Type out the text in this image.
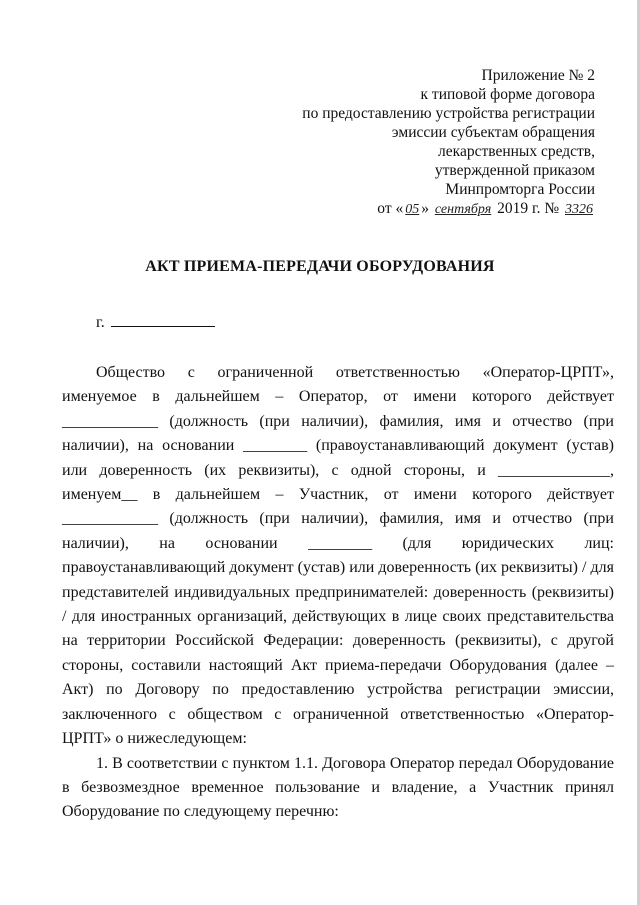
Приложение № 2
к типовой форме договора
по предоставлению устройства регистрации
эмиссии субъектам обращения
лекарственных средств,
утвержденной приказом
Минпромторга России
от « 05 » сентября 2019 г. № 3326
АКТ ПРИЕМА-ПЕРЕДАЧИ ОБОРУДОВАНИЯ
г.

Общество с ограниченной ответственностью «Оператор-ЦРПТ», именуемое в дальнейшем – Оператор, от имени которого действует ____________ (должность (при наличии), фамилия, имя и отчество (при наличии), на основании ________ (правоустанавливающий документ (устав) или доверенность (их реквизиты), с одной стороны, и ______________, именуем__ в дальнейшем – Участник, от имени которого действует ____________ (должность (при наличии), фамилия, имя и отчество (при наличии), на основании ________ (для юридических лиц: правоустанавливающий документ (устав) или доверенность (их реквизиты) / для представителей индивидуальных предпринимателей: доверенность (реквизиты) / для иностранных организаций, действующих в лице своих представительства на территории Российской Федерации: доверенность (реквизиты), с другой стороны, составили настоящий Акт приема-передачи Оборудования (далее – Акт) по Договору по предоставлению устройства регистрации эмиссии, заключенного с обществом с ограниченной ответственностью «Оператор-ЦРПТ» о нижеследующем:

1. В соответствии с пунктом 1.1. Договора Оператор передал Оборудование в безвозмездное временное пользование и владение, а Участник принял Оборудование по следующему перечню:
